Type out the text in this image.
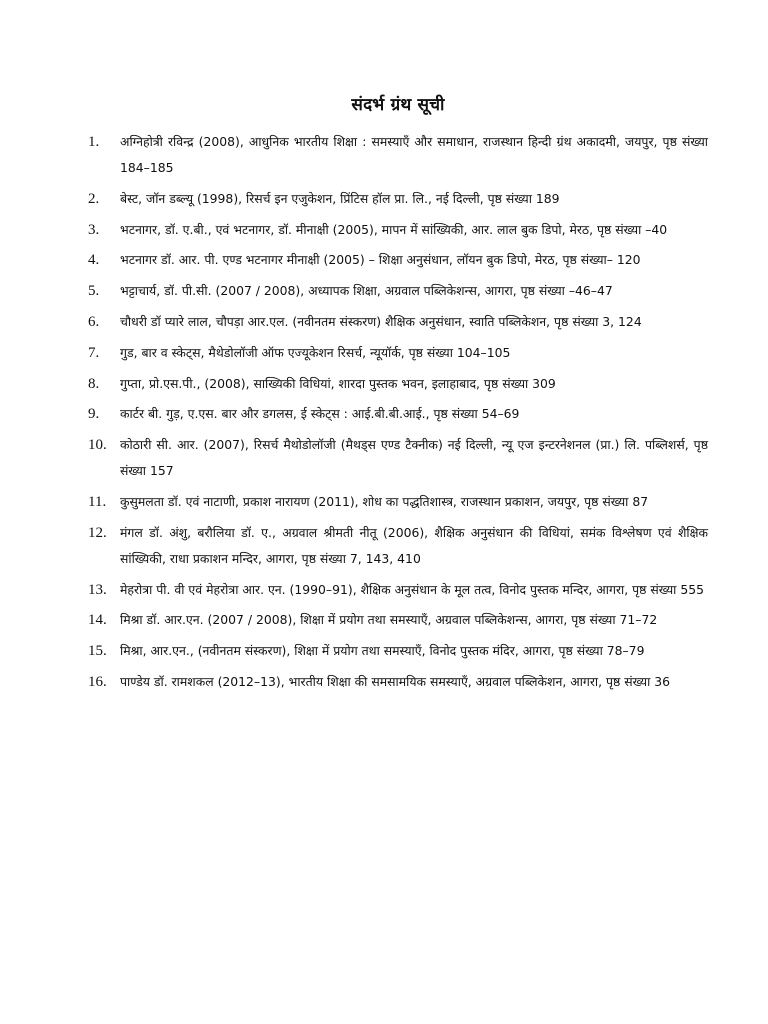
संदर्भ ग्रंथ सूची
1. अग्निहोत्री रविन्द्र (2008), आधुनिक भारतीय शिक्षा : समस्याएँ और समाधान, राजस्थान हिन्दी ग्रंथ अकादमी, जयपुर, पृष्ठ संख्या 184–185
2. बेस्ट, जॉन डब्ल्यू (1998), रिसर्च इन एजुकेशन, प्रिंटिस हॉल प्रा. लि., नई दिल्ली, पृष्ठ संख्या 189
3. भटनागर, डॉ. ए.बी., एवं भटनागर, डॉ. मीनाक्षी (2005), मापन में सांख्यिकी, आर. लाल बुक डिपो, मेरठ, पृष्ठ संख्या –40
4. भटनागर डॉ. आर. पी. एण्ड भटनागर मीनाक्षी (2005) – शिक्षा अनुसंधान, लॉयन बुक डिपो, मेरठ, पृष्ठ संख्या– 120
5. भट्टाचार्य, डॉ. पी.सी. (2007 / 2008), अध्यापक शिक्षा, अग्रवाल पब्लिकेशन्स, आगरा, पृष्ठ संख्या –46–47
6. चौधरी डॉ प्यारे लाल, चौपड़ा आर.एल. (नवीनतम संस्करण) शैक्षिक अनुसंधान, स्वाति पब्लिकेशन, पृष्ठ संख्या 3, 124
7. गुड, बार व स्केट्स, मैथेडोलॉजी ऑफ एज्यूकेशन रिसर्च, न्यूयॉर्क, पृष्ठ संख्या 104–105
8. गुप्ता, प्रो.एस.पी., (2008), साख्यिकी विधियां, शारदा पुस्तक भवन, इलाहाबाद, पृष्ठ संख्या 309
9. कार्टर बी. गुड़, ए.एस. बार और डगलस, ई स्केट्स : आई.बी.बी.आई., पृष्ठ संख्या 54–69
10. कोठारी सी. आर. (2007), रिसर्च मैथोडोलॉजी (मैथड्स एण्ड टैक्नीक) नई दिल्ली, न्यू एज इन्टरनेशनल (प्रा.) लि. पब्लिशर्स, पृष्ठ संख्या 157
11. कुसुमलता डॉ. एवं नाटाणी, प्रकाश नारायण (2011), शोध का पद्धतिशास्त्र, राजस्थान प्रकाशन, जयपुर, पृष्ठ संख्या 87
12. मंगल डॉ. अंशु, बरौलिया डॉ. ए., अग्रवाल श्रीमती नीतू (2006), शैक्षिक अनुसंधान की विधियां, समंक विश्लेषण एवं शैक्षिक सांख्यिकी, राधा प्रकाशन मन्दिर, आगरा, पृष्ठ संख्या 7, 143, 410
13. मेहरोत्रा पी. वी एवं मेहरोत्रा आर. एन. (1990–91), शैक्षिक अनुसंधान के मूल तत्व, विनोद पुस्तक मन्दिर, आगरा, पृष्ठ संख्या 555
14. मिश्रा डॉ. आर.एन. (2007 / 2008), शिक्षा में प्रयोग तथा समस्याएँ, अग्रवाल पब्लिकेशन्स, आगरा, पृष्ठ संख्या 71–72
15. मिश्रा, आर.एन., (नवीनतम संस्करण), शिक्षा में प्रयोग तथा समस्याएँ, विनोद पुस्तक मंदिर, आगरा, पृष्ठ संख्या 78–79
16. पाण्डेय डॉ. रामशकल (2012–13), भारतीय शिक्षा की समसामयिक समस्याएँ, अग्रवाल पब्लिकेशन, आगरा, पृष्ठ संख्या 36
